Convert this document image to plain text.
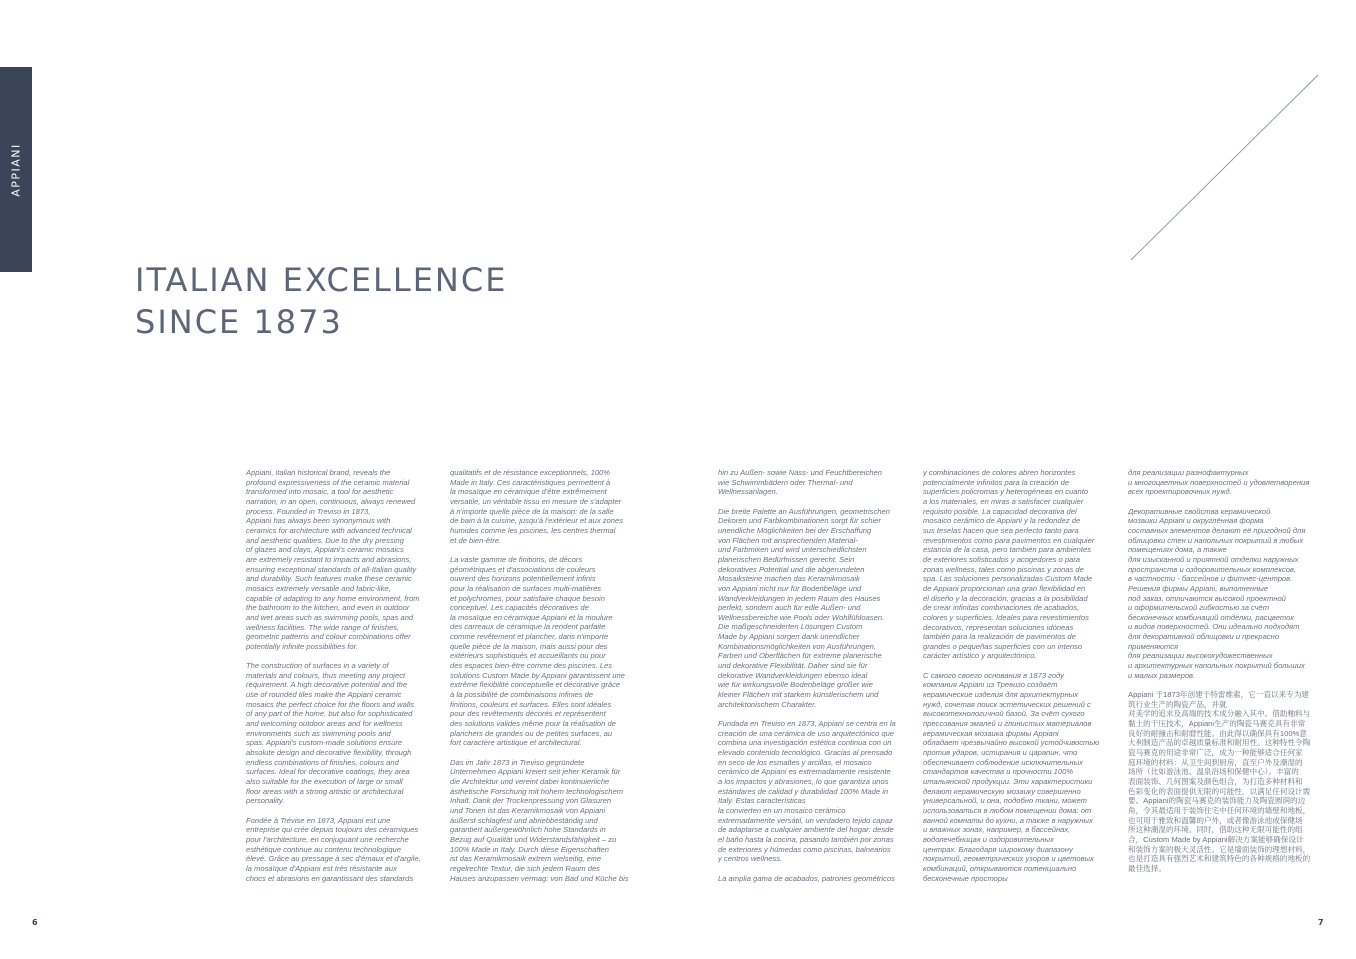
APPIANI
ITALIAN EXCELLENCE
SINCE 1873

Appiani, italian historical brand, reveals the
profound expressiveness of the ceramic material
transformed into mosaic, a tool for aesthetic
narration, in an open, continuous, always renewed
process. Founded in Treviso in 1873,
Appiani has always been synonymous with
ceramics for architecture with advanced technical
and aesthetic qualities. Due to the dry pressing
of glazes and clays, Appiani's ceramic mosaics
are extremely resistant to impacts and abrasions,
ensuring exceptional standards of all-Italian quality
and durability. Such features make these ceramic
mosaics extremely versatile and fabric-like,
capable of adapting to any home environment, from
the bathroom to the kitchen, and even in outdoor
and wet areas such as swimming pools, spas and
wellness facilities. The wide range of finishes,
geometric patterns and colour combinations offer
potentially infinite possibilities for.

The construction of surfaces in a variety of
materials and colours, thus meeting any project
requirement. A high decorative potential and the
use of rounded tiles make the Appiani ceramic
mosaics the perfect choice for the floors and walls
of any part of the home, but also for sophisticated
and welcoming outdoor areas and for wellness
environments such as swimming pools and
spas. Appiani's custom-made solutions ensure
absolute design and decorative flexibility, through
endless combinations of finishes, colours and
surfaces. Ideal for decorative coatings, they area
also suitable for the execution of large or small
floor areas with a strong artistic or architectural
personality.

Fondée à Trévise en 1873, Appiani est une
entreprise qui crée depuis toujours des céramiques
pour l'architecture, en conjuguant une recherche
esthétique continue au contenu technologique
élevé. Grâce au pressage à sec d'émaux et d'argile,
la mosaïque d'Appiani est très résistante aux
chocs et abrasions en garantissant des standards

qualitatifs et de résistance exceptionnels, 100%
Made in Italy. Ces caractéristiques permettent à
la mosaïque en céramique d'être extrêmement
versatile, un véritable tissu en mesure de s'adapter
à n'importe quelle pièce de la maison: de la salle
de bain à la cuisine, jusqu'à l'extérieur et aux zones
humides comme les piscines, les centres thermal
et de bien-être.

La vaste gamme de finitions, de décors
géométriques et d'associations de couleurs
ouvrent des horizons potentiellement infinis
pour la réalisation de surfaces multi-matières
et polychromes, pour satisfaire chaque besoin
conceptuel. Les capacités décoratives de
la mosaïque en céramique Appiani et la moulure
des carreaux de céramique la rendent parfaite
comme revêtement et plancher, dans n'importe
quelle pièce de la maison, mais aussi pour des
extérieurs sophistiqués et accueillants ou pour
des espaces bien-être comme des piscines. Les
solutions Custom Made by Appiani garantissent une
extrême flexibilité conceptuelle et décorative grâce
à la possibilité de combinaisons infinies de
finitions, couleurs et surfaces. Elles sont idéales
pour des revêtements décorés et représentent
des solutions valides même pour la réalisation de
planchers de grandes ou de petites surfaces, au
fort caractère artistique et architectural.

Das im Jahr 1873 in Treviso gegründete
Unternehmen Appiani kreiert seit jeher Keramik für
die Architektur und vereint dabei kontinuierliche
ásthetische Forschung mit hohem technologischem
Inhalt. Dank der Trockenpressung von Glasuren
und Tonen ist das Keramikmosaik von Appiani
áußerst schlagfest und abriebbeständig und
garantiert außergewöhnlich hohe Standards in
Bezug auf Qualität und Widerstandsfähigkeit – zu
100% Made in Italy. Durch diese Eigenschaften
ist das Keramikmosaik extrem vielseitig, eine
regelrechte Textur, die sich jedem Raum des
Hauses anzupassen vermag: von Bad und Küche bis

hin zu Außen- sowie Nass- und Feuchtbereichen
wie Schwimmbädern oder Thermal- und
Wellnessanlagen.

Die breite Palette an Ausführungen, geometrischen
Dekoren und Farbkombinationen sorgt für schier
unendliche Möglichkeiten bei der Erschaffung
von Flächen mit ansprechenden Material-
und Farbmixen und wird unterschiedlichsten
planerischen Bedürfnissen gerecht. Sein
dekoratives Potential und die abgerundeten
Mosaiksteine machen das Keramikmosaik
von Appiani nicht nur für Bodenbeläge und
Wandverkleidungen in jedem Raum des Hauses
perfekt, sondern auch für edle Außen- und
Wellnessbereiche wie Pools oder Wohlfühloasen.
Die maßgeschneiderten Lösungen Custom
Made by Appiani sorgen dank unendlicher
Kombinationsmöglichkeiten von Ausführungen,
Farben und Oberflächen für extreme planerische
und dekorative Flexibilität. Daher sind sie für
dekorative Wandverkleidungen ebenso ideal
wie für wirkungsvolle Bodenbeläge großer wie
kleiner Flächen mit starkem künstlerischem und
architektonischem Charakter.

Fundada en Treviso en 1873, Appiani se centra en la
creación de una cerámica de uso arquitectónico que
combina una investigación estética continua con un
elevado contenido tecnológico. Gracias al prensado
en seco de los esmaltes y arcillas, el mosaico
cerámico de Appiani es extremadamente resistente
a los impactos y abrasiones, lo que garantiza unos
estándares de calidad y durabilidad 100% Made in
Italy. Estas características
la convierten en un mosaico cerámico
extremadamente versátil, un verdadero tejido capaz
de adaptarse a cualquier ambiente del hogar: desde
el baño hasta la cocina, pasando también por zonas
de exteriores y húmedas como piscinas, balnearios
y centros wellness.

La amplia gama de acabados, patrones geométricos

y combinaciones de colores abren horizontes
potencialmente infinitos para la creación de
superficies policromas y heterogéneas en cuanto
a los materiales, en miras a satisfacer cualquier
requisito posible. La capacidad decorativa del
mosaico cerámico de Appiani y la redondez de
sus teselas hacen que sea perfecto tanto para
revestimientos como para pavimentos en cualquier
estancia de la casa, pero también para ambientes
de exteriores sofisticados y acogedores o para
zonas wellness, tales como piscinas y zonas de
spa. Las soluciones personalizadas Custom Made
de Appiani proporcionan una gran flexibilidad en
el diseño y la decoración, gracias a la posibilidad
de crear infinitas combinaciones de acabados,
colores y superficies. Ideales para revestimientos
decorativos, representan soluciones idóneas
también para la realización de pavimentos de
grandes o pequeñas superficies con un intenso
carácter artístico y arquitectónico.

С самого своего основания в 1873 году
компания Appiani из Тревизо создаёт
керамические изделия для архитектурных
нужд, сочетая поиск эстетических решений с
высокотехнологичной базой. За счёт сухого
прессования эмалей и глинистых материалов
керамическая мозаика фирмы Appiani
обладает чрезвычайно высокой устойчивостью
против ударов, истирания и царапин, что
обеспечивает соблюдение исключительных
стандартов качества и прочности 100%
итальянской продукции. Эти характеристики
делают керамическую мозаику совершенно
универсальной, и она, подобно ткани, может
использоваться в любом помещении дома: от
ванной комнаты до кухни, а также в наружных
и влажных зонах, например, в бассейнах,
водолечебницах и оздоровительных
центрах. Благодаря широкому диапазону
покрытий, геометрических узоров и цветовых
комбинаций, открываются потенциально
бесконечные просторы

для реализации разнофактурных
и многоцветных поверхностей и удовлетворения
всех проектировочных нужд.

Декоративные свойства керамической
мозаики Appiani и округлённая форма
составных элементов делают её пригодной для
облицовки стен и напольных покрытий в любых
помещениях дома, а также
для изысканной и приятной отделки наружных
пространств и оздоровительных комплексов,
в частности - бассейнов и фитнес-центров.
Решения фирмы Appiani, выполненные
под заказ, отличаются высокой проектной
и оформительской гибкостью за счёт
бесконечных комбинаций отделки, расцветок
и видов поверхностей. Они идеально подходят
для декоративной облицовки и прекрасно
применяются
для реализации высокохудожественных
и архитектурных напольных покрытий больших
и малых размеров.

Appiani 于1873年创建于特雷维索，它一直以来专为建
筑行业生产的陶瓷产品，并就
对美学的追求及高端的技术成分融入其中。借助釉料与
黏土的干压技术，Appiani生产的陶瓷马赛克具有非常
良好的耐撞击和耐磨性能。由此得以确保具有100%意
大利制造产品的卓越质量标准和耐用性。这种特性令陶
瓷马赛克的用途非常广泛，成为一种能够适合任何家
庭环境的材料：从卫生间到厨房，直至户外及潮湿的
场所（比如游泳池、温泉浴场和保健中心）。丰富的
表面装饰、几何图案及颜色组合，为打造多种材料和
色彩变化的表面提供无限的可能性，以满足任何设计需
要。Appiani的陶瓷马赛克的装饰能力及陶瓷圆润的边
角，令其最适用于装饰住宅中任何环境的墙壁和地板，
也可用于雅致和温馨的户外，或者像游泳池或保健场
所这种潮湿的环境。同时，借助这种无限可能性的组
合，Custom Made by Appiani解决方案能够确保设计
和装饰方案的极大灵活性。它是墙面装饰的理想材料，
也是打造具有强烈艺术和建筑特色的各种规格的地板的
最佳选择。

6	7
